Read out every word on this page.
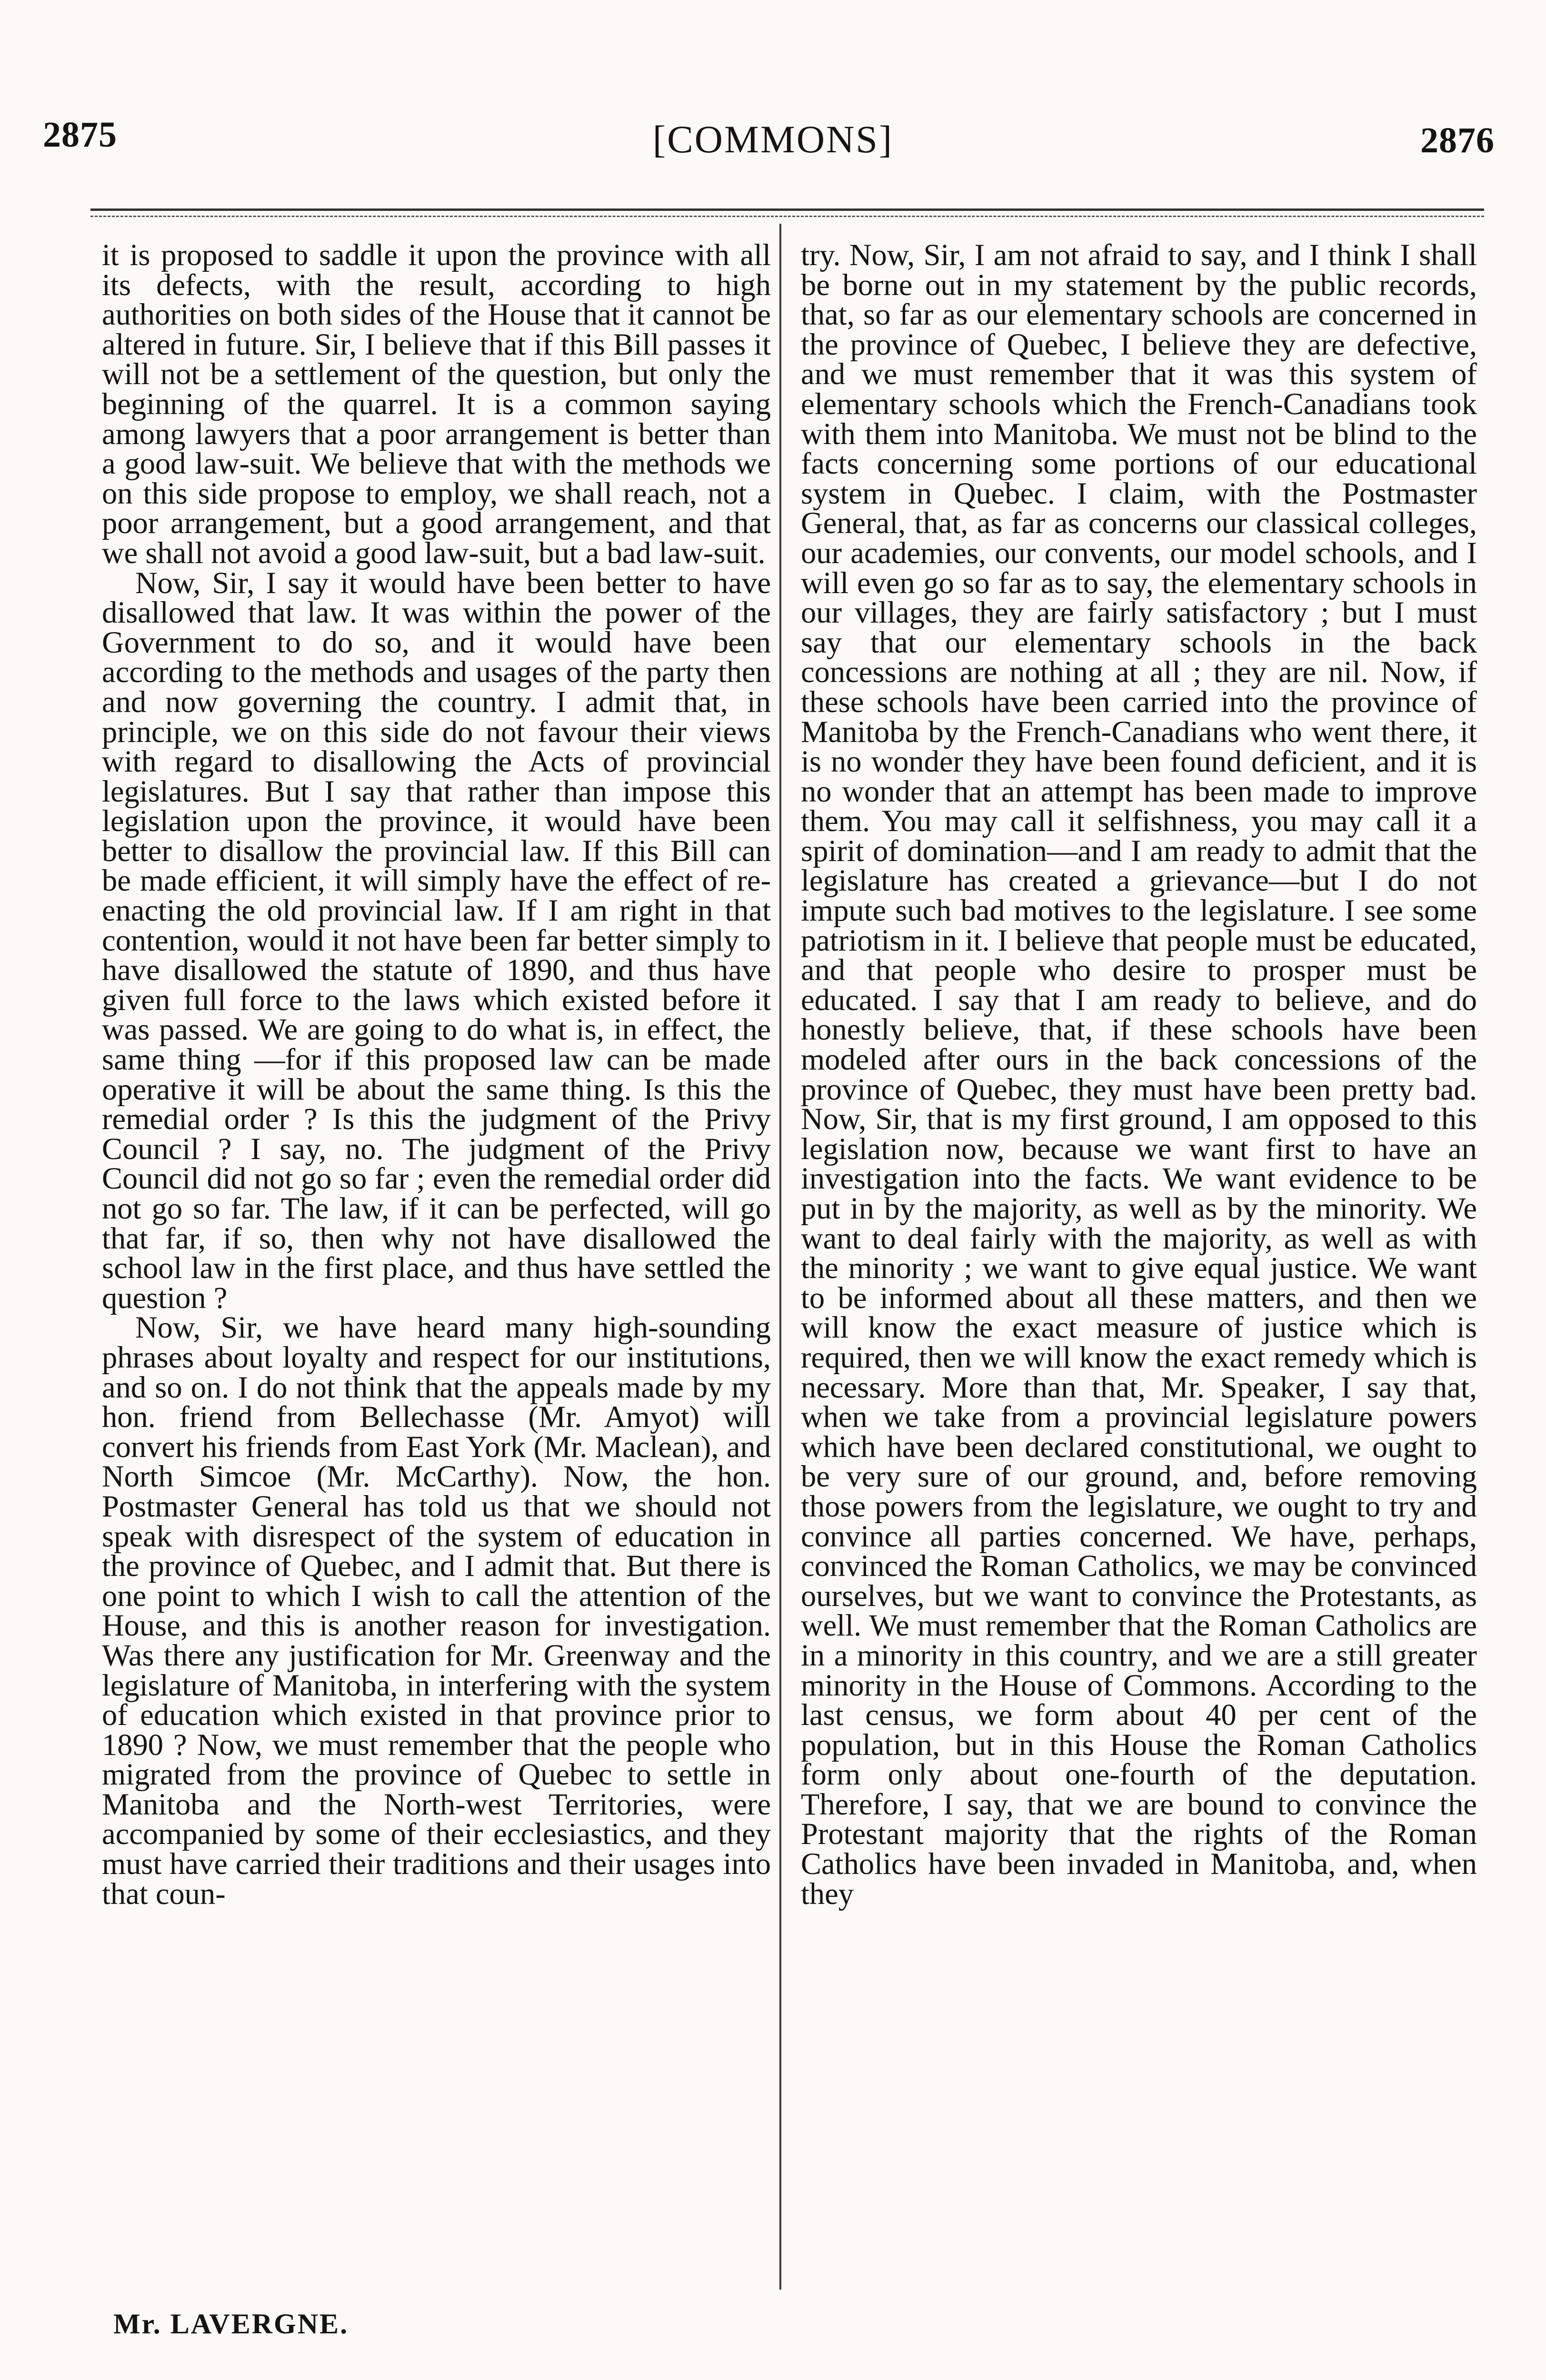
2875	[COMMONS]	2876

it is proposed to saddle it upon the province with all its defects, with the result, according to high authorities on both sides of the House that it cannot be altered in future. Sir, I believe that if this Bill passes it will not be a settlement of the question, but only the beginning of the quarrel. It is a common saying among lawyers that a poor arrangement is better than a good law-suit. We believe that with the methods we on this side propose to employ, we shall reach, not a poor arrangement, but a good arrangement, and that we shall not avoid a good law-suit, but a bad law-suit.

Now, Sir, I say it would have been better to have disallowed that law. It was within the power of the Government to do so, and it would have been according to the methods and usages of the party then and now governing the country. I admit that, in principle, we on this side do not favour their views with regard to disallowing the Acts of provincial legislatures. But I say that rather than impose this legislation upon the province, it would have been better to disallow the provincial law. If this Bill can be made efficient, it will simply have the effect of re-enacting the old provincial law. If I am right in that contention, would it not have been far better simply to have disallowed the statute of 1890, and thus have given full force to the laws which existed before it was passed. We are going to do what is, in effect, the same thing —for if this proposed law can be made operative it will be about the same thing. Is this the remedial order ? Is this the judgment of the Privy Council ? I say, no. The judgment of the Privy Council did not go so far ; even the remedial order did not go so far. The law, if it can be perfected, will go that far, if so, then why not have disallowed the school law in the first place, and thus have settled the question ?

Now, Sir, we have heard many high-sounding phrases about loyalty and respect for our institutions, and so on. I do not think that the appeals made by my hon. friend from Bellechasse (Mr. Amyot) will convert his friends from East York (Mr. Maclean), and North Simcoe (Mr. McCarthy). Now, the hon. Postmaster General has told us that we should not speak with disrespect of the system of education in the province of Quebec, and I admit that. But there is one point to which I wish to call the attention of the House, and this is another reason for investigation. Was there any justification for Mr. Greenway and the legislature of Manitoba, in interfering with the system of education which existed in that province prior to 1890 ? Now, we must remember that the people who migrated from the province of Quebec to settle in Manitoba and the North-west Territories, were accompanied by some of their ecclesiastics, and they must have carried their traditions and their usages into that coun-

try. Now, Sir, I am not afraid to say, and I think I shall be borne out in my statement by the public records, that, so far as our elementary schools are concerned in the province of Quebec, I believe they are defective, and we must remember that it was this system of elementary schools which the French-Canadians took with them into Manitoba. We must not be blind to the facts concerning some portions of our educational system in Quebec. I claim, with the Postmaster General, that, as far as concerns our classical colleges, our academies, our convents, our model schools, and I will even go so far as to say, the elementary schools in our villages, they are fairly satisfactory ; but I must say that our elementary schools in the back concessions are nothing at all ; they are nil. Now, if these schools have been carried into the province of Manitoba by the French-Canadians who went there, it is no wonder they have been found deficient, and it is no wonder that an attempt has been made to improve them. You may call it selfishness, you may call it a spirit of domination—and I am ready to admit that the legislature has created a grievance—but I do not impute such bad motives to the legislature. I see some patriotism in it. I believe that people must be educated, and that people who desire to prosper must be educated. I say that I am ready to believe, and do honestly believe, that, if these schools have been modeled after ours in the back concessions of the province of Quebec, they must have been pretty bad. Now, Sir, that is my first ground, I am opposed to this legislation now, because we want first to have an investigation into the facts. We want evidence to be put in by the majority, as well as by the minority. We want to deal fairly with the majority, as well as with the minority ; we want to give equal justice. We want to be informed about all these matters, and then we will know the exact measure of justice which is required, then we will know the exact remedy which is necessary. More than that, Mr. Speaker, I say that, when we take from a provincial legislature powers which have been declared constitutional, we ought to be very sure of our ground, and, before removing those powers from the legislature, we ought to try and convince all parties concerned. We have, perhaps, convinced the Roman Catholics, we may be convinced ourselves, but we want to convince the Protestants, as well. We must remember that the Roman Catholics are in a minority in this country, and we are a still greater minority in the House of Commons. According to the last census, we form about 40 per cent of the population, but in this House the Roman Catholics form only about one-fourth of the deputation. Therefore, I say, that we are bound to convince the Protestant majority that the rights of the Roman Catholics have been invaded in Manitoba, and, when they

Mr. LAVERGNE.
